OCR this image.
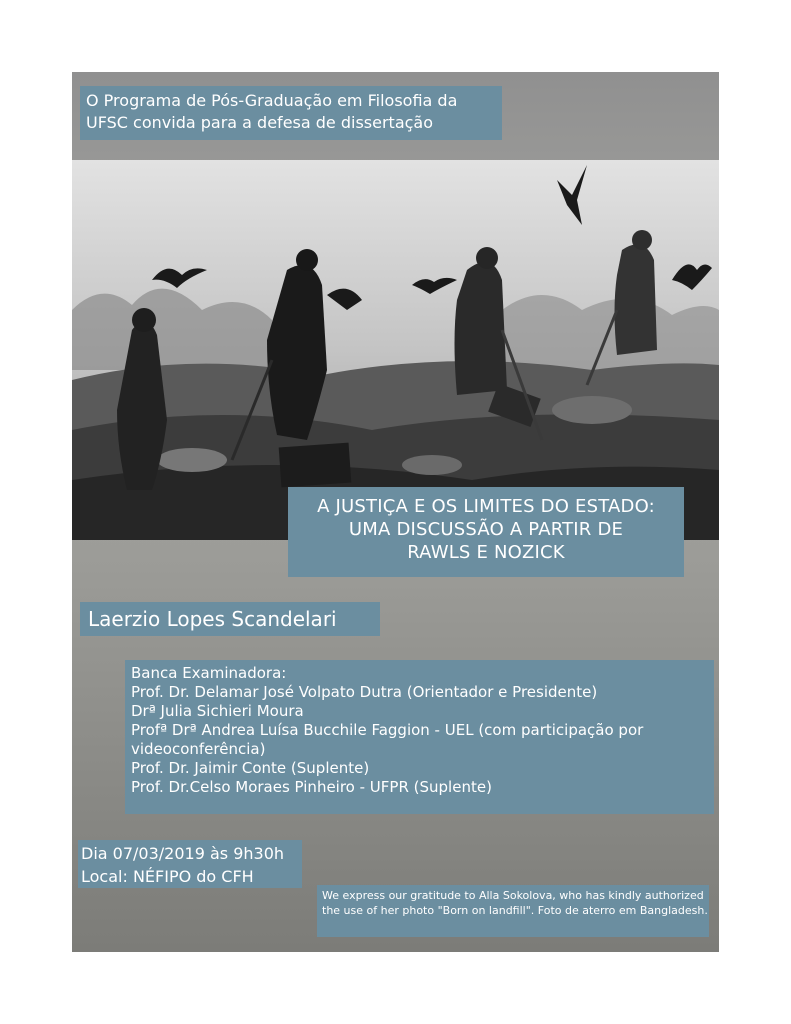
O Programa de Pós-Graduação em Filosofia da
UFSC convida para a defesa de dissertação
A JUSTIÇA E OS LIMITES DO ESTADO:
UMA DISCUSSÃO A PARTIR DE
RAWLS E NOZICK
Laerzio Lopes Scandelari
Banca Examinadora:
Prof. Dr. Delamar José Volpato Dutra (Orientador e Presidente)
Drª Julia Sichieri Moura
Profª Drª Andrea Luísa Bucchile Faggion - UEL (com participação por
videoconferência)
Prof. Dr. Jaimir Conte (Suplente)
Prof. Dr.Celso Moraes Pinheiro - UFPR (Suplente)
Dia 07/03/2019 às 9h30h
Local: NÉFIPO do CFH
We express our gratitude to Alla Sokolova, who has kindly authorized the use of her photo "Born on landfill". Foto de aterro em Bangladesh.
